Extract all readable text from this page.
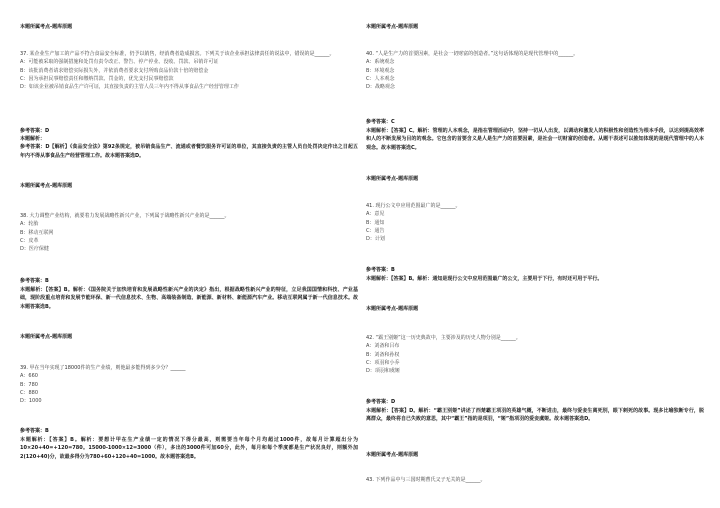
本题所属考点-题库原题
37. 某企业生产加工的产品不符合食品安全标准，仍予以销售，经消费者造成损害。下列关于该企业承担法律责任的说法中，错误的是______。
A：可能被采取的强制措施和处罚有责令改正、警告、停产停业、没收、罚款、吊销许可证
B：该批消费者请求赔偿实际损失外，并依消费者要求支付所购食品价款十倍的赔偿金
C：因为承担民事赔偿责任和缴纳罚款、罚金的，优先支付民事赔偿款
D：如该企业被吊销食品生产许可证，其直接负责的主管人员三年内不得从事食品生产经营管理工作
参考答案：D
本题解析：
参考答案：D【解析】《食品安全法》第92条规定，被吊销食品生产、流通或者餐饮服务许可证的单位，其直接负责的主管人员自处罚决定作出之日起五年内不得从事食品生产经营管理工作。故本题答案选D。
本题所属考点-题库原题
38. 大力调整产业结构，就要着力发展战略性新兴产业，下列属于战略性新兴产业的是______。
A：轮胎
B：移动互联网
C：皮革
D：医疗保健
参考答案：B
本题解析：【答案】B。解析：《国务院关于加快培育和发展战略性新兴产业的决定》指出，根据战略性新兴产业的特征，立足我国国情和科技、产业基础，现阶段重点培育和发展节能环保、新一代信息技术、生物、高端装备制造、新能源、新材料、新能源汽车产业。移动互联网属于新一代信息技术。故本题答案选B。
本题所属考点-题库原题
39. 甲在当年实现了18000件的生产业绩，则他最多能得到多少分？______
A：660
B：780
C：880
D：1000
参考答案：B
本题解析：【答案】B。解析：要想计甲在生产业绩一定的情况下得分最高，则需要当年每个月均超过1000件，故每月计算超出分为10×20+40=+120=780。15000-1000×12=3000（件），多出的3000件可加60分，此外，每月和每个季度都是生产状况良好，则额外加2(120+40)分，故最多得分为780+60+120+40=1000。故本题答案选B。
本题所属考点-题库原题
40. “人是生产力的首要因素，是社会一切财富的创造者。”这句话体现的是现代管理中的______。
A：系统观念
B：环境观念
C：人本观念
D：战略观念
参考答案：C
本题解析：【答案】C。解析：管理的人本观念，是指在管理活动中，坚持一切从人出发，以调动和激发人的积极性和创造性为根本手段，以达到提高效率和人的不断发展为目的的观念。它包含的首要含义是人是生产力的首要因素，是社会一切财富的创造者。从题干表述可以推知体现的是现代管理中的人本观念。故本题答案选C。
本题所属考点-题库原题
41. 现行公文中应用范围最广的是______。
A：意见
B：通知
C：通告
D：计划
参考答案：B
本题解析：【答案】B。解析：通知是现行公文中应用范围最广的公文，主要用于下行，有时还可用于平行。
本题所属考点-题库原题
42. “霸王别姬”这一历史典故中，主要涉及的历史人物分别是______。
A：刘备和吕布
B：刘备和孙权
C：项羽和小乔
D：项羽和虞姬
参考答案：D
本题解析：【答案】D。解析：“霸王别姬”讲述了西楚霸王项羽的英雄气概，不断进击，最终与爱妾生离死别，眼下刺死的故事。现多比喻独断专行，脱离群众，最终将自已失败的意思，其中“霸王”指的是项羽，“姬”指项羽的爱妾虞姬。故本题答案选D。
本题所属考点-题库原题
43. 下列作品中与三国时期曹氏父子无关的是______。
